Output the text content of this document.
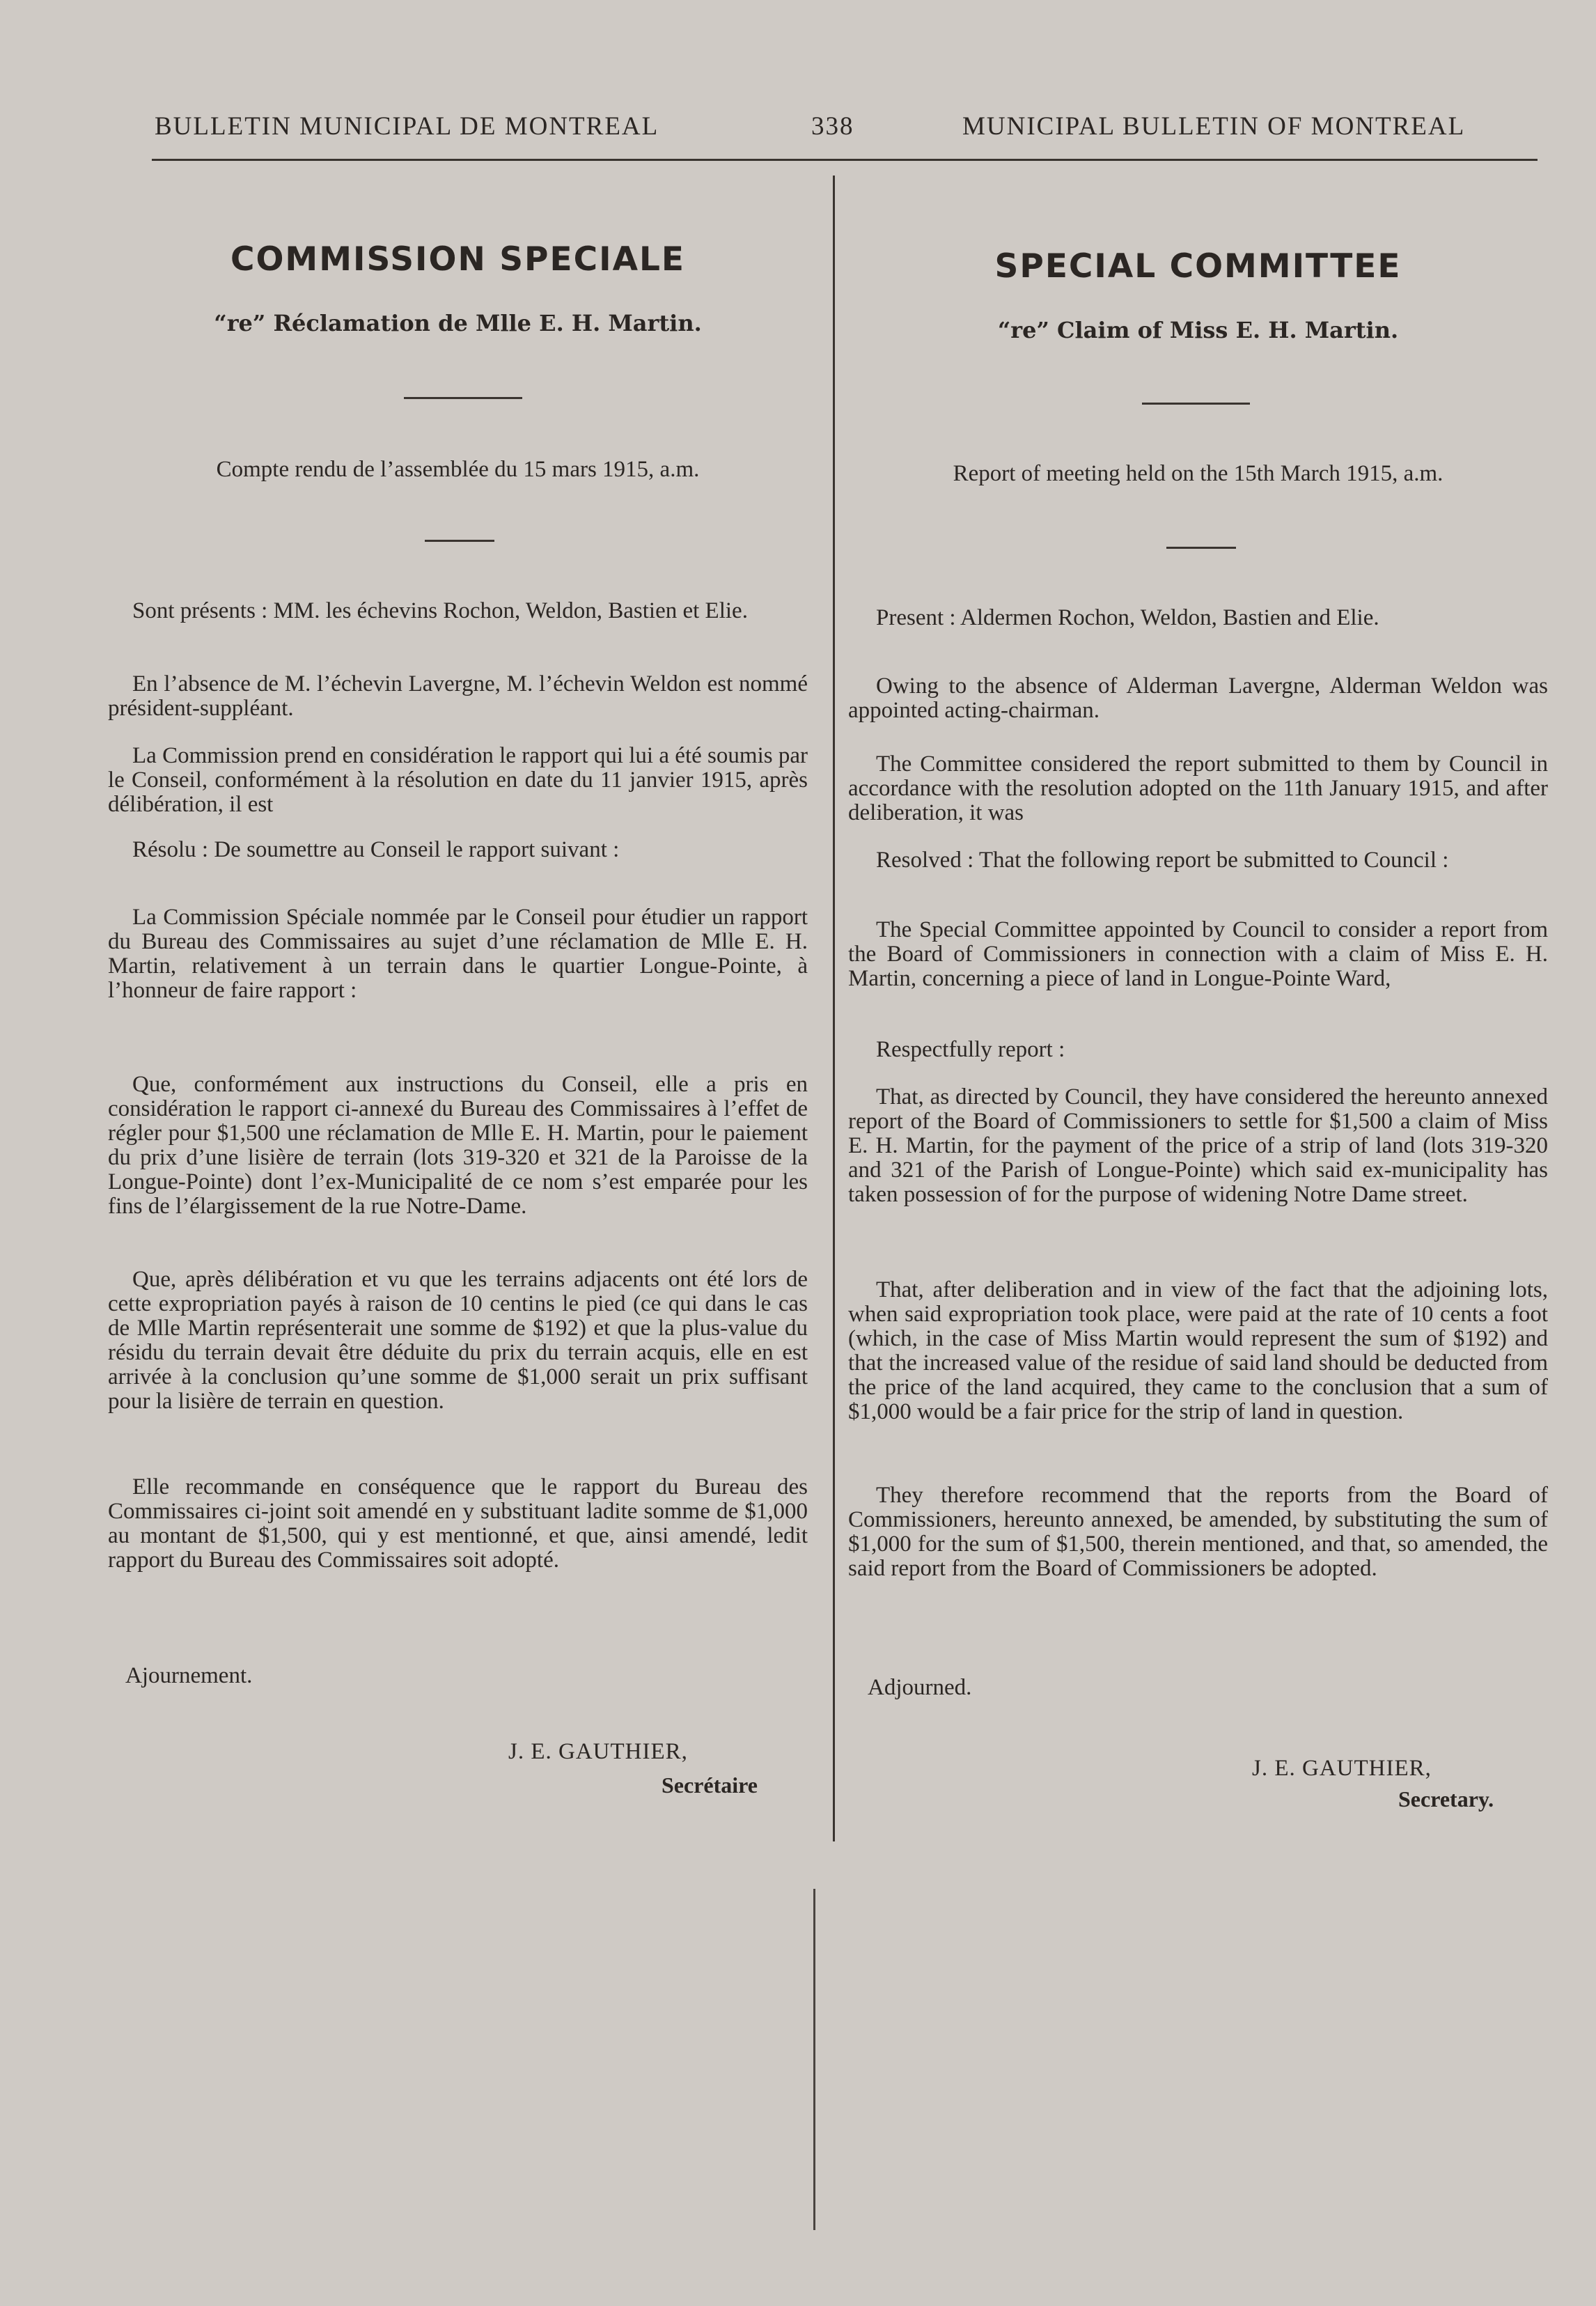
BULLETIN MUNICIPAL DE MONTREAL	338	MUNICIPAL BULLETIN OF MONTREAL
COMMISSION SPECIALE
“re” Réclamation de Mlle E. H. Martin.
Compte rendu de l’assemblée du 15 mars 1915, a.m.
Sont présents : MM. les échevins Rochon, Weldon, Bastien et Elie.
En l’absence de M. l’échevin Lavergne, M. l’échevin Weldon est nommé président-suppléant.
La Commission prend en considération le rapport qui lui a été soumis par le Conseil, conformément à la résolution en date du 11 janvier 1915, après délibération, il est
Résolu : De soumettre au Conseil le rapport suivant :
La Commission Spéciale nommée par le Conseil pour étudier un rapport du Bureau des Commissaires au sujet d’une réclamation de Mlle E. H. Martin, relativement à un terrain dans le quartier Longue-Pointe, à l’honneur de faire rapport :
Que, conformément aux instructions du Conseil, elle a pris en considération le rapport ci-annexé du Bureau des Commissaires à l’effet de régler pour $1,500 une réclamation de Mlle E. H. Martin, pour le paiement du prix d’une lisière de terrain (lots 319-320 et 321 de la Paroisse de la Longue-Pointe) dont l’ex-Municipalité de ce nom s’est emparée pour les fins de l’élargissement de la rue Notre-Dame.
Que, après délibération et vu que les terrains adjacents ont été lors de cette expropriation payés à raison de 10 centins le pied (ce qui dans le cas de Mlle Martin représenterait une somme de $192) et que la plus-value du résidu du terrain devait être déduite du prix du terrain acquis, elle en est arrivée à la conclusion qu’une somme de $1,000 serait un prix suffisant pour la lisière de terrain en question.
Elle recommande en conséquence que le rapport du Bureau des Commissaires ci-joint soit amendé en y substituant ladite somme de $1,000 au montant de $1,500, qui y est mentionné, et que, ainsi amendé, ledit rapport du Bureau des Commissaires soit adopté.
Ajournement.
J. E. GAUTHIER,
Secrétaire
SPECIAL COMMITTEE
“re” Claim of Miss E. H. Martin.
Report of meeting held on the 15th March 1915, a.m.
Present : Aldermen Rochon, Weldon, Bastien and Elie.
Owing to the absence of Alderman Lavergne, Alderman Weldon was appointed acting-chairman.
The Committee considered the report submitted to them by Council in accordance with the resolution adopted on the 11th January 1915, and after deliberation, it was
Resolved : That the following report be submitted to Council :
The Special Committee appointed by Council to consider a report from the Board of Commissioners in connection with a claim of Miss E. H. Martin, concerning a piece of land in Longue-Pointe Ward,
Respectfully report :
That, as directed by Council, they have considered the hereunto annexed report of the Board of Commissioners to settle for $1,500 a claim of Miss E. H. Martin, for the payment of the price of a strip of land (lots 319-320 and 321 of the Parish of Longue-Pointe) which said ex-municipality has taken possession of for the purpose of widening Notre Dame street.
That, after deliberation and in view of the fact that the adjoining lots, when said expropriation took place, were paid at the rate of 10 cents a foot (which, in the case of Miss Martin would represent the sum of $192) and that the increased value of the residue of said land should be deducted from the price of the land acquired, they came to the conclusion that a sum of $1,000 would be a fair price for the strip of land in question.
They therefore recommend that the reports from the Board of Commissioners, hereunto annexed, be amended, by substituting the sum of $1,000 for the sum of $1,500, therein mentioned, and that, so amended, the said report from the Board of Commissioners be adopted.
Adjourned.
J. E. GAUTHIER,
Secretary.
